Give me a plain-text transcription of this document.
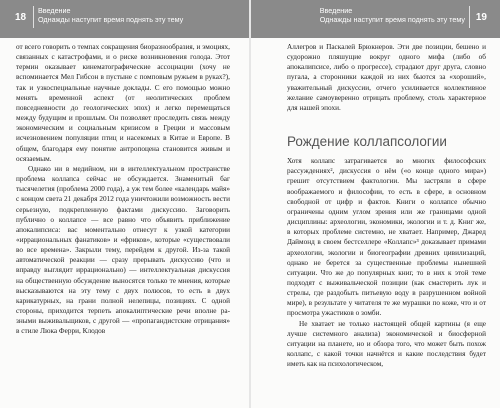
18
Введение
Однажды наступит время поднять эту тему

от всего говорить о темпах сокращения биоразнообразия, и эмоциях, связанных с катастрофами, и о риске возникновения голода. Этот термин оказывает кинематографические ассоциации (хочу не вспоминается Мел Гибсон в пустыне с помповым ружьем в руках?), так и узкоспециальные научные доклады. С его помощью можно менять временной аспект (от неолитических проблем повседневности до геологических эпох) и легко перемещаться между будущим и прошлым. Он позволяет проследить связь между экономическим и социальным кризисом в Греции и массовым исчезновением популяции птиц и насекомых в Китае и Европе. В общем, благодаря ему понятие антропоцена становится живым и осязаемым.

Однако ни в медийном, ни в интеллектуальном пространстве проблема коллапса сейчас не обсуждается. Знаменитый баг тысячелетия (проблема 2000 года), а уж тем более «календарь майя» с концом света 21 декабря 2012 года уничтожили возможность вести серьезную, подкрепленную фактами дискуссию. Заговорить публично о коллапсе — все равно что объявить приближение апокалипсиса: вас моментально отнесут к узкой категории «иррациональных фанатиков» и «фриков», которые «существовали во все времена». Закрыли тему, перейдем к другой. Из-за такой автоматической реакции — сразу прерывать дискуссию (что и вправду выглядит иррационально) — интеллектуальная дискуссия на общественную обсуждение выносятся только те мнения, которые высказываются на эту тему с двух полюсов, то есть в двух карикатурных, на грани полной нелепицы, позициях. С одной стороны, приходится терпеть апокалиптические речи вполне разными выживальщиков, с другой — «пропагандистские отрицания» в стиле Люка Ферри, Клодов

Введение
Однажды наступит время поднять эту тему 19

Аллегров и Паскалей Брюкнеров. Эти две позиции, бешено и судорожно пляшущие вокруг одного мифа (либо об апокалипсисе, либо о прогрессе), страдают друг друга, словно пугала, а сторонники каждой из них бьются за «хороший», уважительный дискуссии, отчего усиливается коллективное желание самоуверенно отрицать проблему, столь характерное для нашей эпохи.

Рождение коллапсологии

Хотя коллапс затрагивается во многих философских рассуждениях², дискуссия о нём («о конце одного мира») грешит отсутствием фактологии. Мы застряли в сфере воображаемого и философии, то есть в сфере, в основном свободной от цифр и фактов. Книги о коллапсе обычно ограничены одним углом зрения или же границами одной дисциплины: археологии, экономики, экологии и т. д. Книг же, в которых проблеме системно, не хватает. Например, Джаред Даймонд в своем бестселлере «Коллапс»³ доказывает примами археологии, экологии и биогеографии древних цивилизаций, однако не берется за существенные проблемы нынешней ситуации. Что же до популярных книг, то в них к этой теме подходят с выживальческой позиции (как смастерить лук и стрелы, где раздобыть питьевую воду в разрушенном войной мире), в результате у читателя те же мурашки по коже, что и от просмотра ужастиков о зомби.

Не хватает не только настоящей общей картины (я еще лучше системного анализа) экономической и биосферной ситуации на планете, но и обзора того, что может быть похож коллапс, с какой точки начнётся и какие последствия будет иметь как на психологическом,
